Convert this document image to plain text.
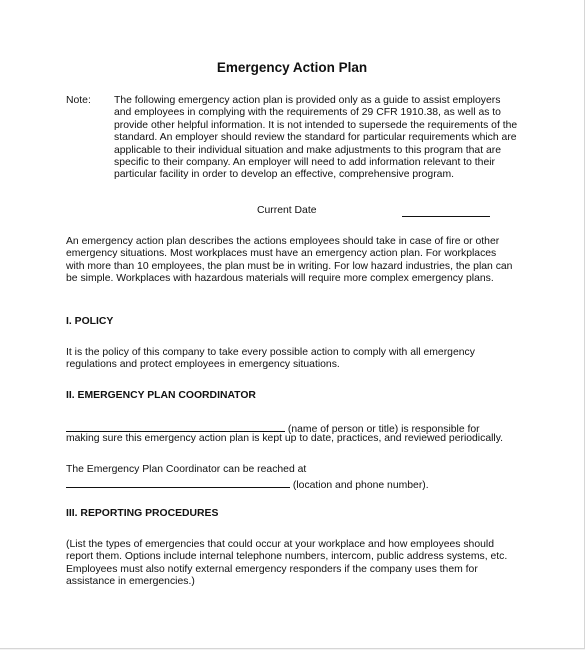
Emergency Action Plan
Note: The following emergency action plan is provided only as a guide to assist employers and employees in complying with the requirements of 29 CFR 1910.38, as well as to provide other helpful information. It is not intended to supersede the requirements of the standard. An employer should review the standard for particular requirements which are applicable to their individual situation and make adjustments to this program that are specific to their company. An employer will need to add information relevant to their particular facility in order to develop an effective, comprehensive program.
Current Date
An emergency action plan describes the actions employees should take in case of fire or other emergency situations. Most workplaces must have an emergency action plan. For workplaces with more than 10 employees, the plan must be in writing. For low hazard industries, the plan can be simple. Workplaces with hazardous materials will require more complex emergency plans.
I. POLICY
It is the policy of this company to take every possible action to comply with all emergency regulations and protect employees in emergency situations.
II. EMERGENCY PLAN COORDINATOR
(name of person or title) is responsible for
making sure this emergency action plan is kept up to date, practices, and reviewed periodically.
The Emergency Plan Coordinator can be reached at
(location and phone number).
III. REPORTING PROCEDURES
(List the types of emergencies that could occur at your workplace and how employees should report them. Options include internal telephone numbers, intercom, public address systems, etc. Employees must also notify external emergency responders if the company uses them for assistance in emergencies.)
